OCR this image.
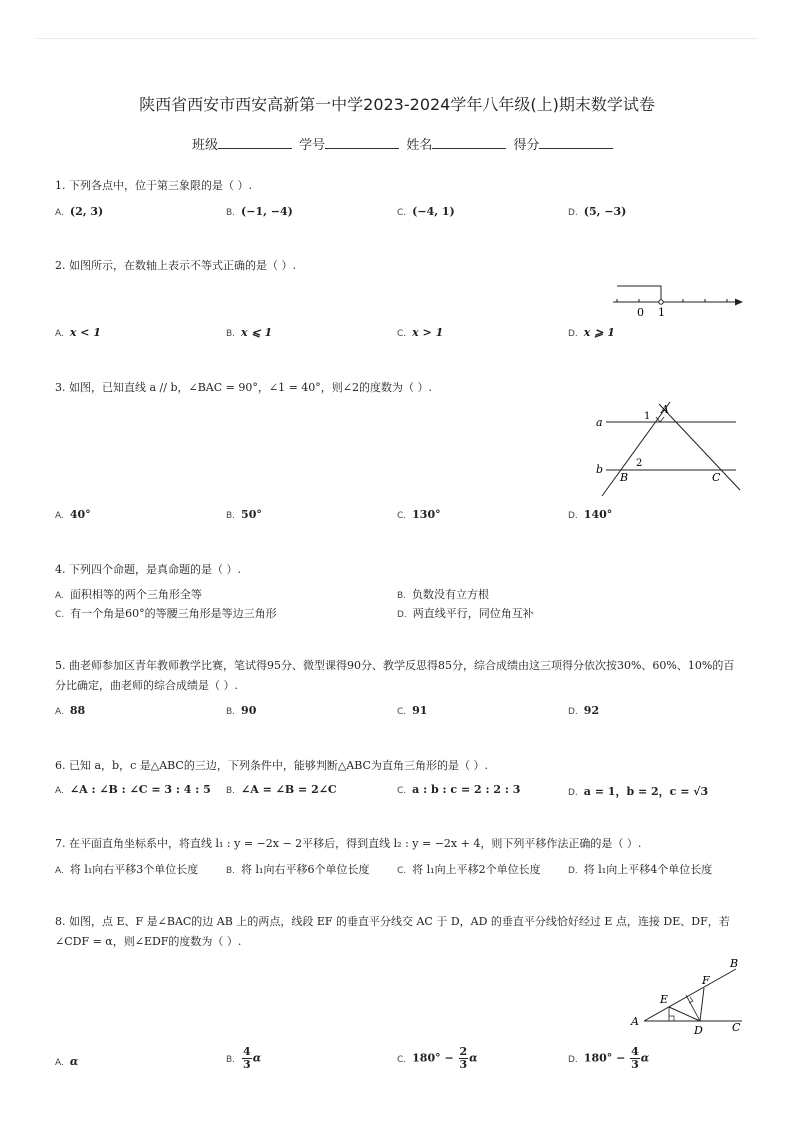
陕西省西安市西安高新第一中学2023-2024学年八年级(上)期末数学试卷
班级	学号	姓名	得分
1. 下列各点中，位于第三象限的是（ ）.
A. (2, 3)	B. (−1, −4)	C. (−4, 1)	D. (5, −3)
2. 如图所示，在数轴上表示不等式正确的是（ ）.
0 1
A. x < 1	B. x ⩽ 1	C. x > 1	D. x ⩾ 1
3. 如图，已知直线 a // b，∠BAC = 90°，∠1 = 40°，则∠2的度数为（ ）.
a
b
1
A
2
B	C
A. 40°	B. 50°	C. 130°	D. 140°
4. 下列四个命题，是真命题的是（ ）.
A. 面积相等的两个三角形全等	B. 负数没有立方根
C. 有一个角是60°的等腰三角形是等边三角形	D. 两直线平行，同位角互补
5. 曲老师参加区青年教师教学比赛，笔试得95分、微型课得90分、教学反思得85分，综合成绩由这三项得分依次按30%、60%、10%的百分比确定，曲老师的综合成绩是（ ）.
A. 88	B. 90	C. 91	D. 92
6. 已知 a，b，c 是△ABC的三边，下列条件中，能够判断△ABC为直角三角形的是（ ）.
A. ∠A : ∠B : ∠C = 3 : 4 : 5 B. ∠A = ∠B = 2∠C	C. a : b : c = 2 : 2 : 3	D. a = 1，b = 2，c = √3
7. 在平面直角坐标系中，将直线 l₁ : y = −2x − 2平移后，得到直线 l₂ : y = −2x + 4，则下列平移作法正确的是（ ）.
A. 将 l₁向右平移3个单位长度	B. 将 l₁向右平移6个单位长度	C. 将 l₁向上平移2个单位长度	D. 将 l₁向上平移4个单位长度
8. 如图，点 E、F 是∠BAC的边 AB 上的两点，线段 EF 的垂直平分线交 AC 于 D，AD 的垂直平分线恰好经过 E 点，连接 DE、DF，若∠CDF = α，则∠EDF的度数为（ ）.
B
F
E
A
D	C
A. α	B. $\frac{4}{3}$ α	C. $180^\circ - \frac{2}{3}$ α	D. $180^\circ - \frac{4}{3}$ α
